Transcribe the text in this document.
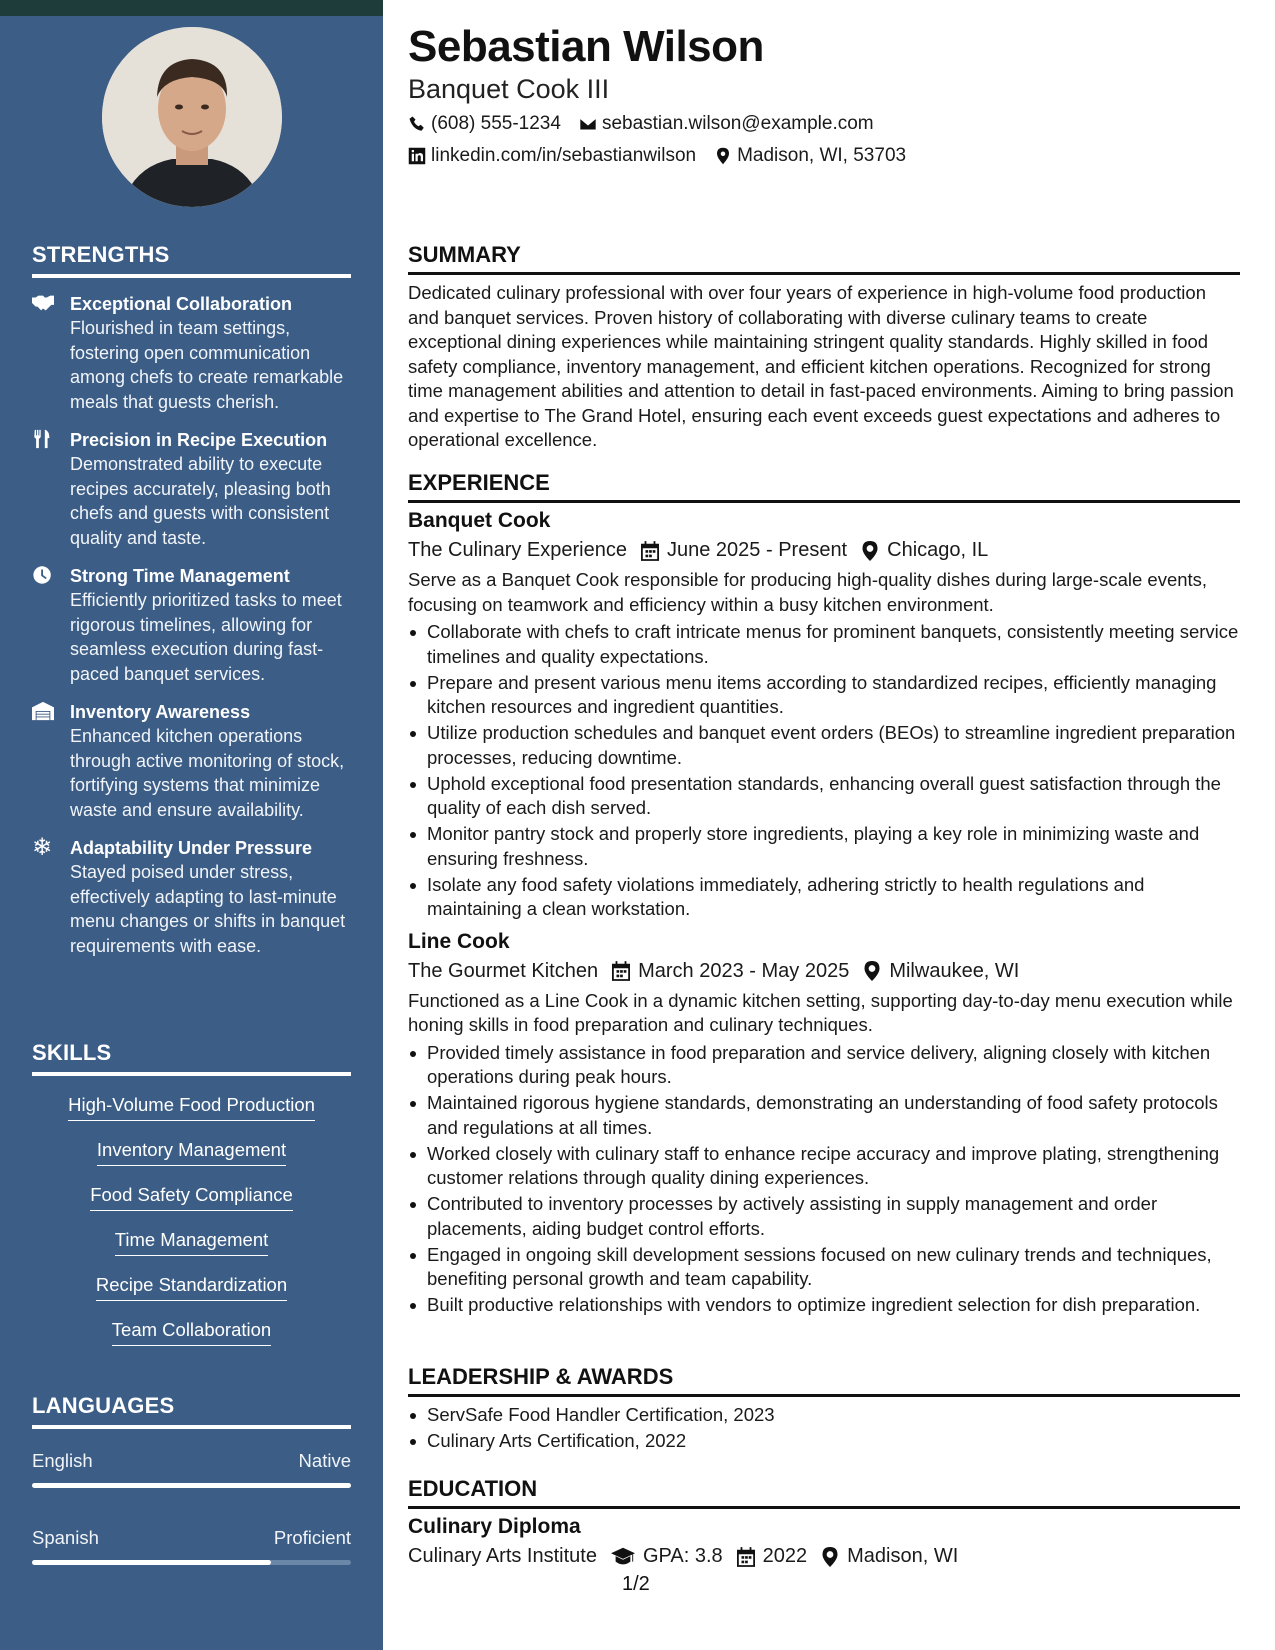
STRENGTHS
Exceptional Collaboration
Flourished in team settings, fostering open communication among chefs to create remarkable meals that guests cherish.
Precision in Recipe Execution
Demonstrated ability to execute recipes accurately, pleasing both chefs and guests with consistent quality and taste.
Strong Time Management
Efficiently prioritized tasks to meet rigorous timelines, allowing for seamless execution during fast-paced banquet services.
Inventory Awareness
Enhanced kitchen operations through active monitoring of stock, fortifying systems that minimize waste and ensure availability.
❄ Adaptability Under Pressure
Stayed poised under stress, effectively adapting to last-minute menu changes or shifts in banquet requirements with ease.
SKILLS
High-Volume Food Production
Inventory Management
Food Safety Compliance
Time Management
Recipe Standardization
Team Collaboration
LANGUAGES
English	Native
Spanish	Proficient
Sebastian Wilson
Banquet Cook III
(608) 555-1234 sebastian.wilson@example.com
linkedin.com/in/sebastianwilson Madison, WI, 53703
SUMMARY
Dedicated culinary professional with over four years of experience in high-volume food production and banquet services. Proven history of collaborating with diverse culinary teams to create exceptional dining experiences while maintaining stringent quality standards. Highly skilled in food safety compliance, inventory management, and efficient kitchen operations. Recognized for strong time management abilities and attention to detail in fast-paced environments. Aiming to bring passion and expertise to The Grand Hotel, ensuring each event exceeds guest expectations and adheres to operational excellence.
EXPERIENCE
Banquet Cook
The Culinary Experience June 2025 - Present Chicago, IL
Serve as a Banquet Cook responsible for producing high-quality dishes during large-scale events, focusing on teamwork and efficiency within a busy kitchen environment.
Collaborate with chefs to craft intricate menus for prominent banquets, consistently meeting service timelines and quality expectations.
Prepare and present various menu items according to standardized recipes, efficiently managing kitchen resources and ingredient quantities.
Utilize production schedules and banquet event orders (BEOs) to streamline ingredient preparation processes, reducing downtime.
Uphold exceptional food presentation standards, enhancing overall guest satisfaction through the quality of each dish served.
Monitor pantry stock and properly store ingredients, playing a key role in minimizing waste and ensuring freshness.
Isolate any food safety violations immediately, adhering strictly to health regulations and maintaining a clean workstation.
Line Cook
The Gourmet Kitchen March 2023 - May 2025 Milwaukee, WI
Functioned as a Line Cook in a dynamic kitchen setting, supporting day-to-day menu execution while honing skills in food preparation and culinary techniques.
Provided timely assistance in food preparation and service delivery, aligning closely with kitchen operations during peak hours.
Maintained rigorous hygiene standards, demonstrating an understanding of food safety protocols and regulations at all times.
Worked closely with culinary staff to enhance recipe accuracy and improve plating, strengthening customer relations through quality dining experiences.
Contributed to inventory processes by actively assisting in supply management and order placements, aiding budget control efforts.
Engaged in ongoing skill development sessions focused on new culinary trends and techniques, benefiting personal growth and team capability.
Built productive relationships with vendors to optimize ingredient selection for dish preparation.
LEADERSHIP & AWARDS
ServSafe Food Handler Certification, 2023
Culinary Arts Certification, 2022
EDUCATION
Culinary Diploma
Culinary Arts Institute GPA: 3.8 2022 Madison, WI
1/2
